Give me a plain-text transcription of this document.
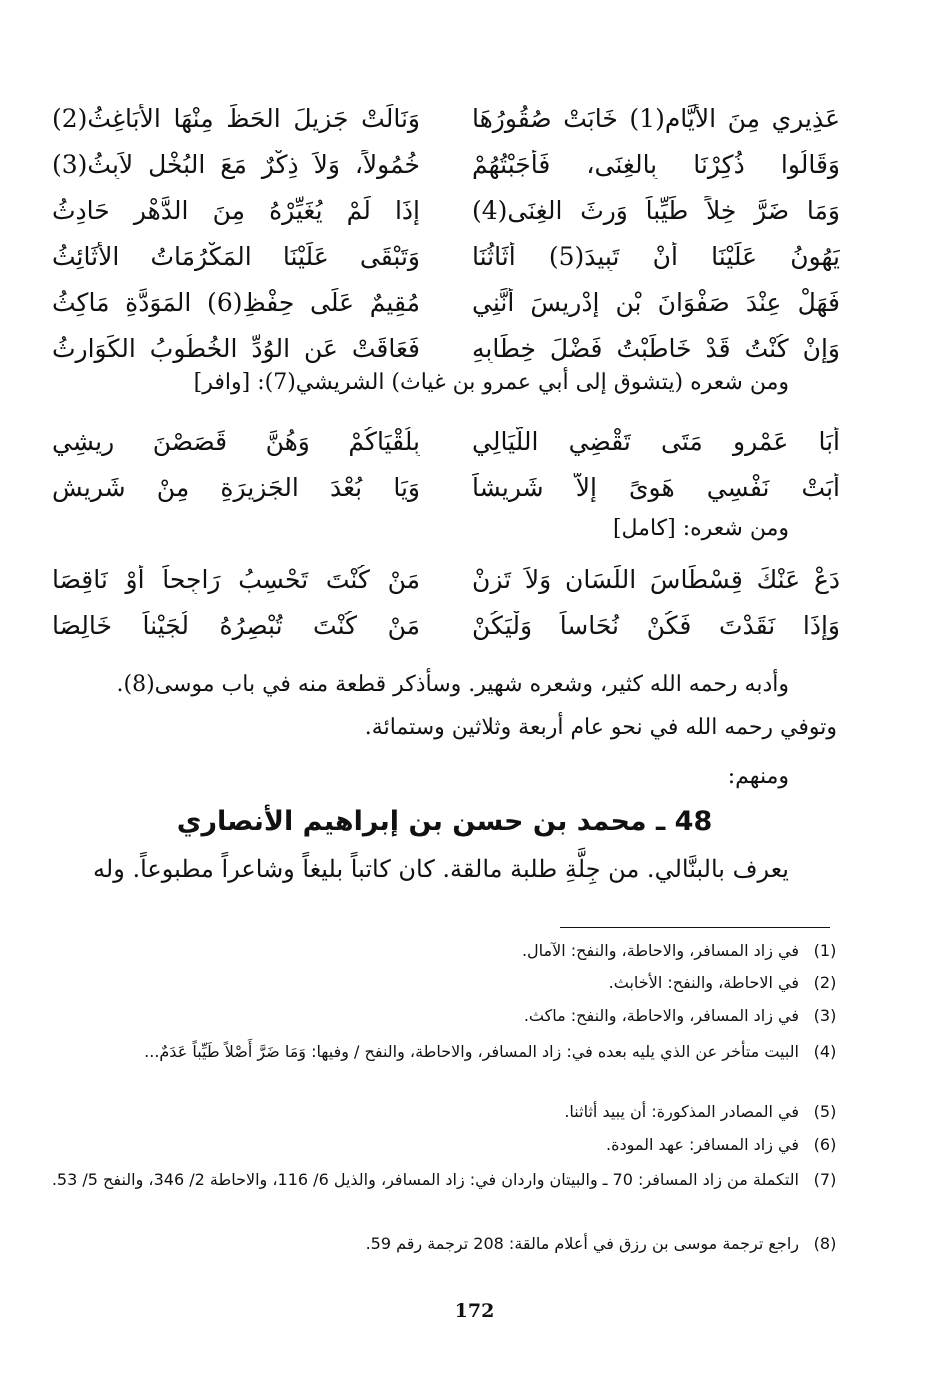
عَذِيرِي مِنَ الأَيَّامِ(1) خَابَتْ صُقُورُهَا
وَنَالَتْ جَزِيلَ الحَظِّ مِنْهَا الأَبَاغِثُ(2)
وَقَالُوا ذُكِرْنَا بِالغِنَى، فَأَجَبْتُهُمْ
خُمُولاً، وَلاَ ذِكْرٌ مَعَ البُخْلِ لاَبِثُ(3)
وَمَا ضَرَّ خِلاً طَيِّباً وَرِثَ الغِنَى(4)
إِذَا لَمْ يُغَيِّرْهُ مِنَ الدَّهْرِ حَادِثُ
يَهُونُ عَلَيْنَا أَنْ تَبِيدَ(5) أَثَاثُنَا
وَتَبْقَى عَلَيْنَا المَكْرُمَاتُ الأَثَائِثُ
فَهَلْ عِنْدَ صَفْوَانَ بْنِ إِدْرِيسَ أَنَّنِي
مُقِيمٌ عَلَى حِفْظِ(6) المَوَدَّةِ مَاكِثُ
وَإِنْ كُنْتُ قَدْ خَاطَبْتُ فَضْلَ خِطَابِهِ
فَعَاقَتْ عَنِ الوُدِّ الخُطُوبُ الكَوَارِثُ
ومن شعره (يتشوق إلى أبي عمرو بن غياث) الشريشي(7): [وافر]
أَبَا عَمْرٍو مَتَى تَقْضِي اللَّيَالِي
بِلُقْيَاكُمْ وَهُنَّ قَصَصْنَ رِيشِي
أَبَتْ نَفْسِي هَوىً إِلاَّ شَرِيشاً
وَيَا بُعْدَ الجَزِيرَةِ مِنْ شَرِيشِ
ومن شعره: [كامل]
دَعْ عَنْكَ قِسْطَاسَ اللِّسَانِ وَلاَ تَزِنْ
مَنْ كُنْتَ تَحْسِبُ رَاجِحاً أَوْ نَاقِصَا
وَإِذَا نَقَدْتَ فَكُنْ نُحَاساً وَلْيَكُنْ
مَنْ كُنْتَ تُبْصِرُهُ لُجَيْناً خَالِصَا
وأدبه رحمه الله كثير، وشعره شهير. وسأذكر قطعة منه في باب موسى(8).
وتوفي رحمه الله في نحو عام أربعة وثلاثين وستمائة.
ومنهم:
48 ـ محمد بن حسن بن إبراهيم الأنصاري
يعرف بالبنَّالي. من جِلَّةِ طلبة مالقة. كان كاتباً بليغاً وشاعراً مطبوعاً. وله
(1)
في زاد المسافر، والاحاطة، والنفح: الآمال.
(2)
في الاحاطة، والنفح: الأخابث.
(3)
في زاد المسافر، والاحاطة، والنفح: ماكث.
(4)
البيت متأخر عن الذي يليه بعده في: زاد المسافر، والاحاطة، والنفح / وفيها: وَمَا ضَرَّ أَصْلاً طَيِّباً عَدَمٌ...
(5)
في المصادر المذكورة: أن يبيد أثاثنا.
(6)
في زاد المسافر: عهد المودة.
(7)
التكملة من زاد المسافر: 70 ـ والبيتان واردان في: زاد المسافر، والذيل 6/ 116، والاحاطة 2/ 346، والنفح 5/ 53.
(8)
راجع ترجمة موسى بن رزق في أعلام مالقة: 208 ترجمة رقم 59.
172
